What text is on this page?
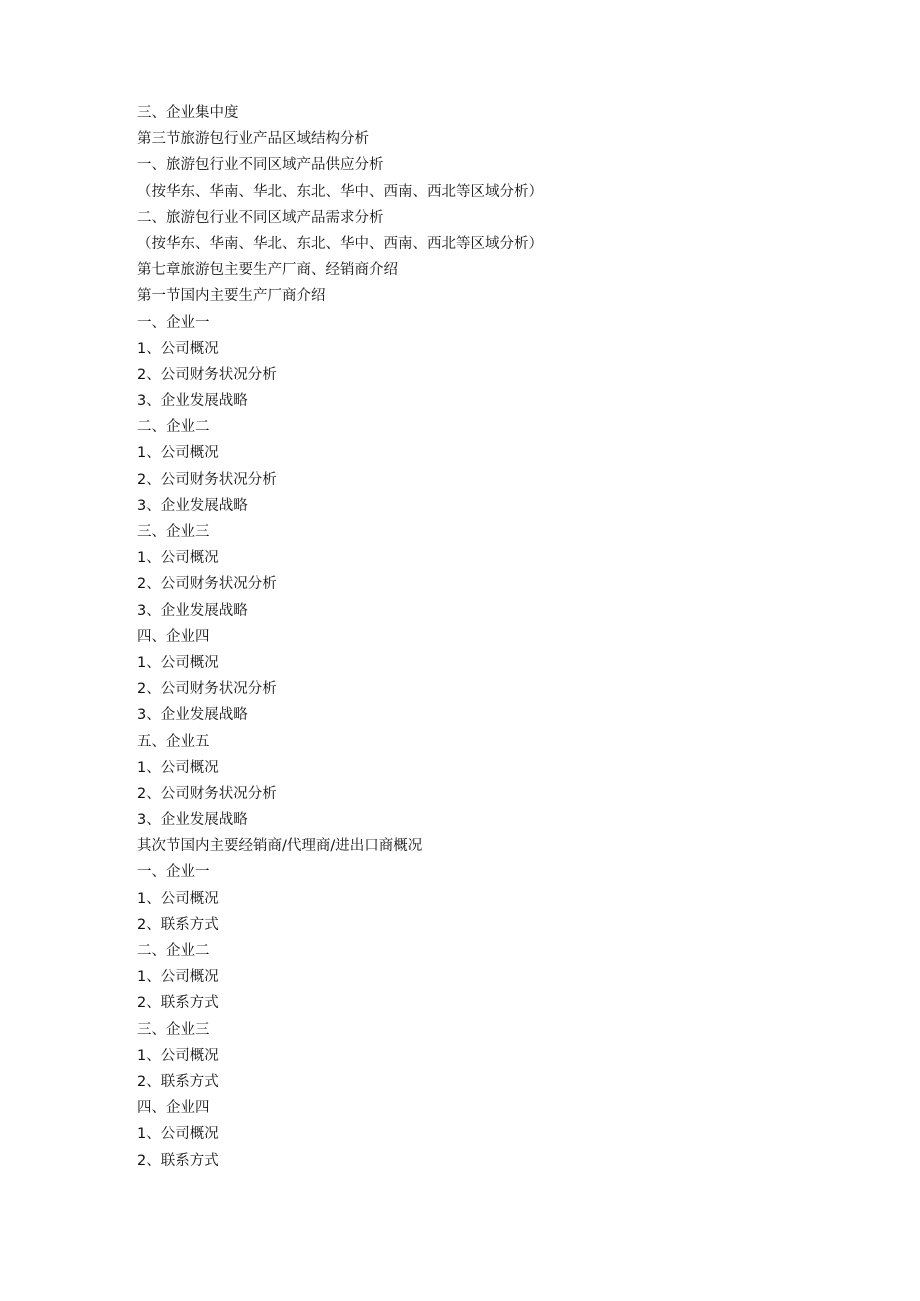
三、企业集中度
第三节旅游包行业产品区域结构分析
一、旅游包行业不同区域产品供应分析
（按华东、华南、华北、东北、华中、西南、西北等区域分析）
二、旅游包行业不同区域产品需求分析
（按华东、华南、华北、东北、华中、西南、西北等区域分析）
第七章旅游包主要生产厂商、经销商介绍
第一节国内主要生产厂商介绍
一、企业一
1、公司概况
2、公司财务状况分析
3、企业发展战略
二、企业二
1、公司概况
2、公司财务状况分析
3、企业发展战略
三、企业三
1、公司概况
2、公司财务状况分析
3、企业发展战略
四、企业四
1、公司概况
2、公司财务状况分析
3、企业发展战略
五、企业五
1、公司概况
2、公司财务状况分析
3、企业发展战略
其次节国内主要经销商/代理商/进出口商概况
一、企业一
1、公司概况
2、联系方式
二、企业二
1、公司概况
2、联系方式
三、企业三
1、公司概况
2、联系方式
四、企业四
1、公司概况
2、联系方式
